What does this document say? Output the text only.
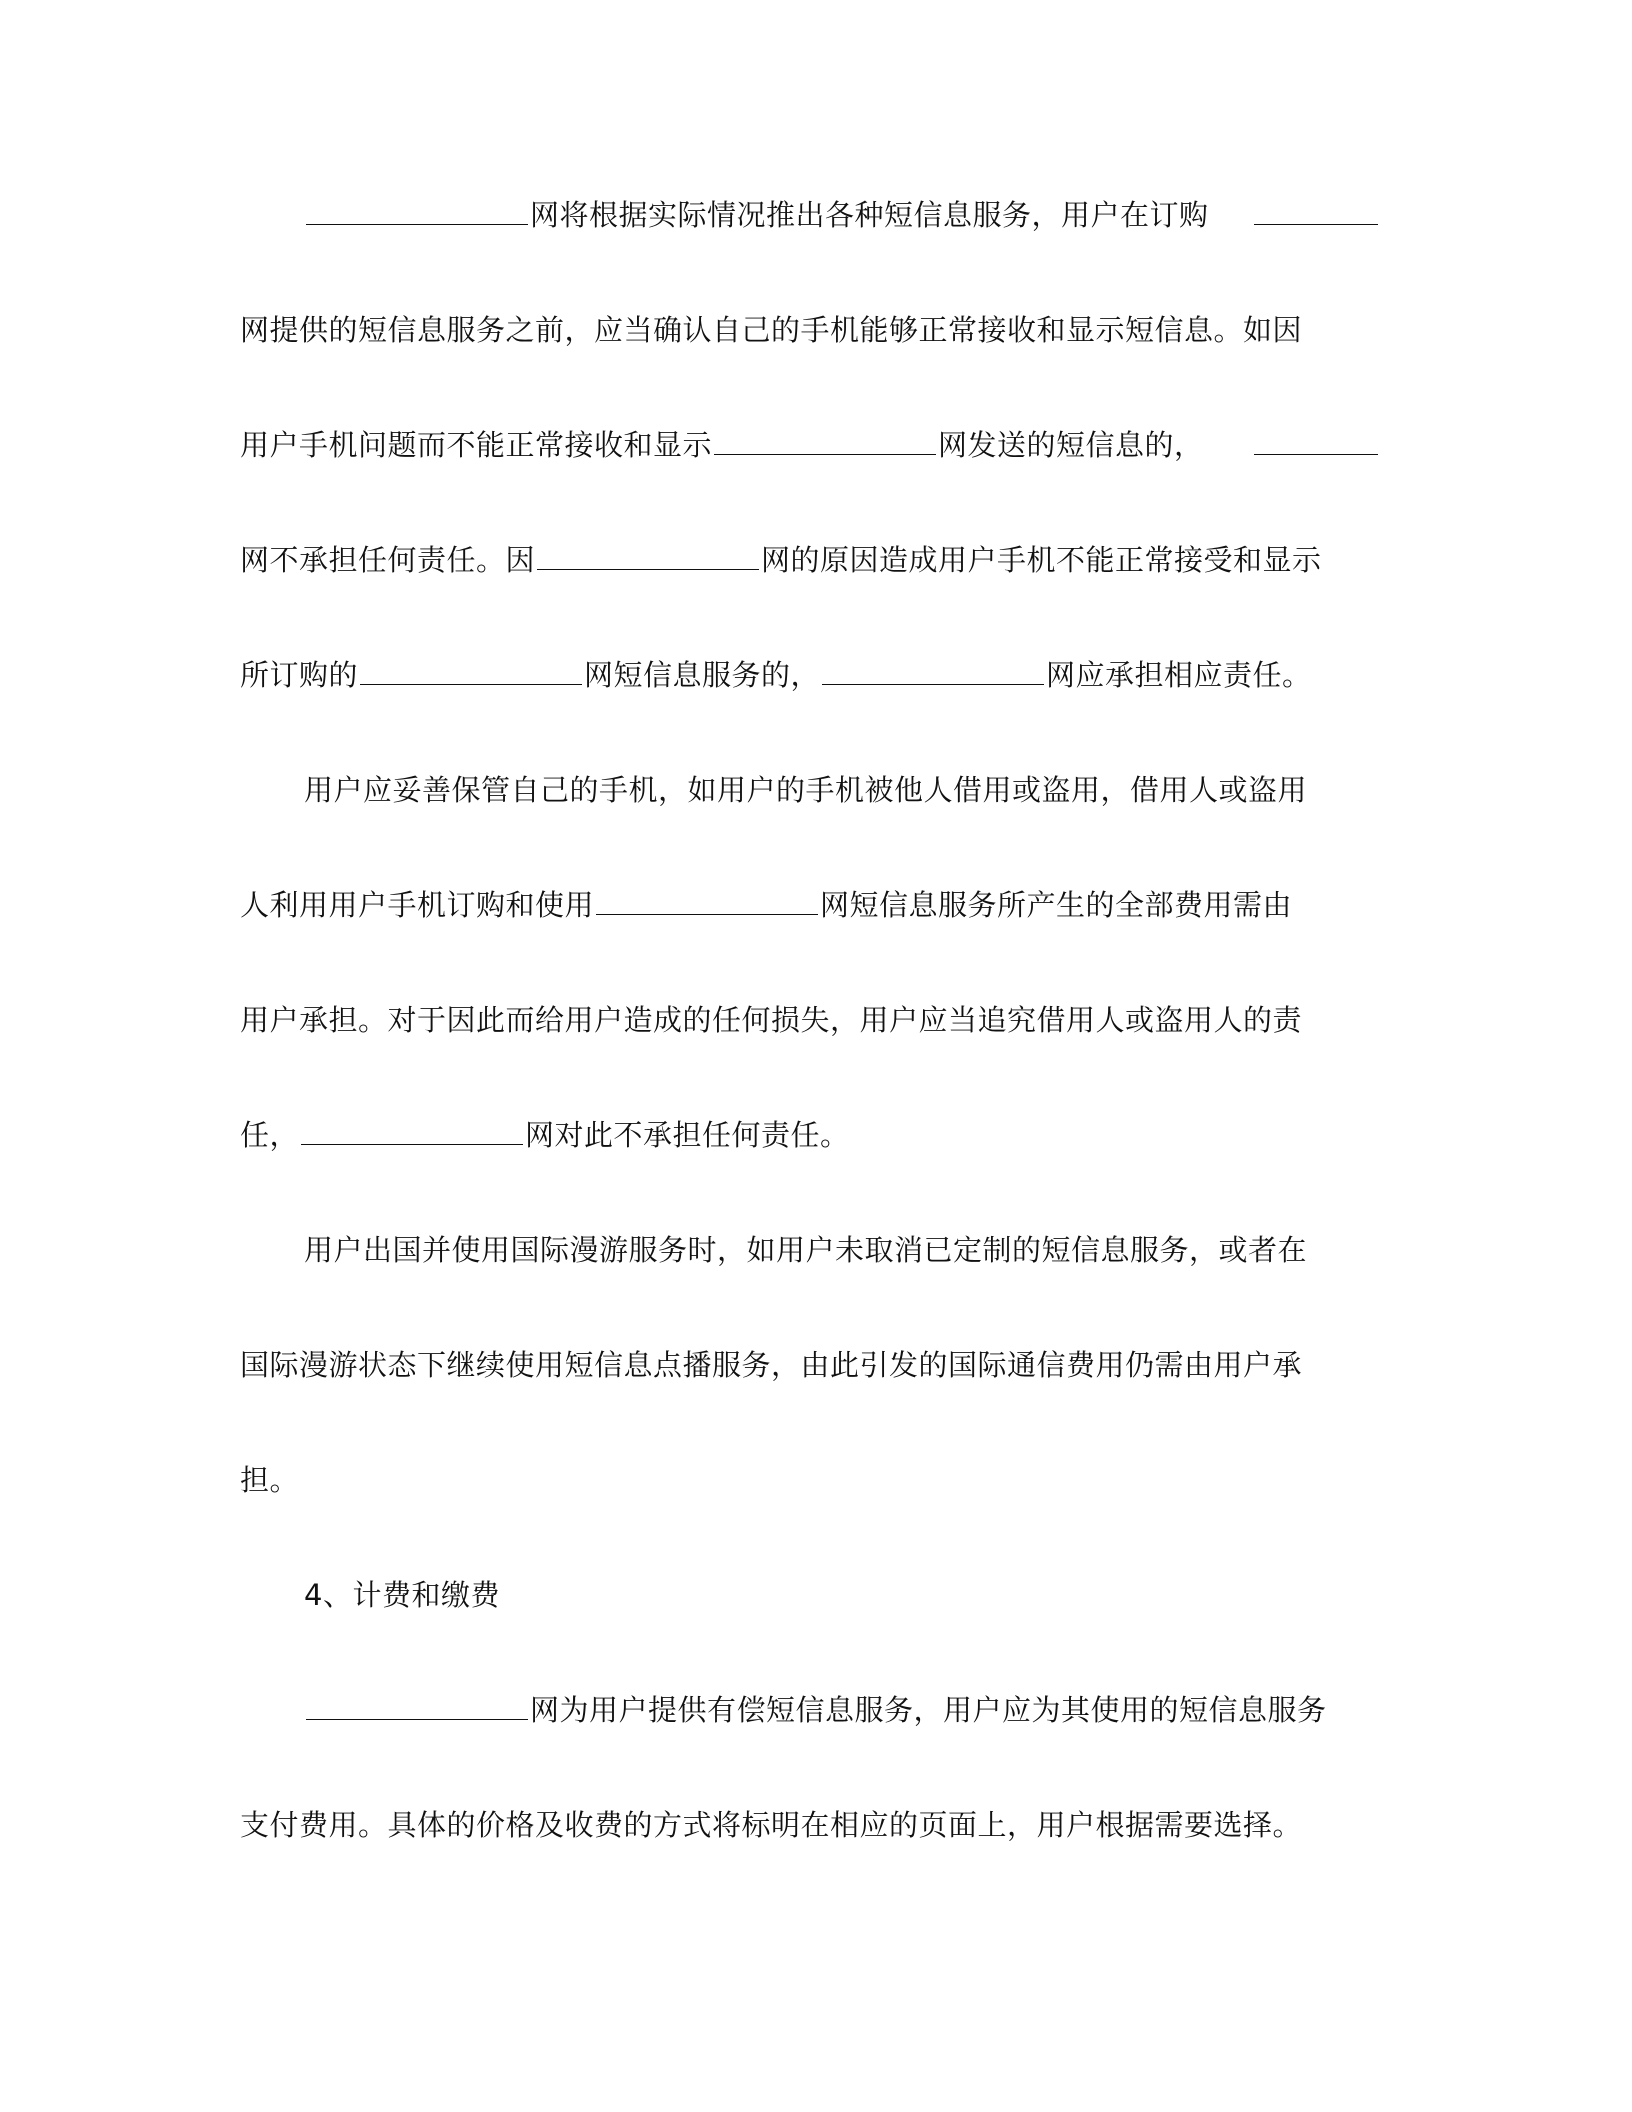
网将根据实际情况推出各种短信息服务，用户在订购
网提供的短信息服务之前，应当确认自己的手机能够正常接收和显示短信息。如因
用户手机问题而不能正常接收和显示	网发送的短信息的，
网不承担任何责任。因	网的原因造成用户手机不能正常接受和显示
所订购的	网短信息服务的，	网应承担相应责任。
用户应妥善保管自己的手机，如用户的手机被他人借用或盗用，借用人或盗用
人利用用户手机订购和使用	网短信息服务所产生的全部费用需由
用户承担。对于因此而给用户造成的任何损失，用户应当追究借用人或盗用人的责
任，	网对此不承担任何责任。
用户出国并使用国际漫游服务时，如用户未取消已定制的短信息服务，或者在
国际漫游状态下继续使用短信息点播服务，由此引发的国际通信费用仍需由用户承
担。
4、计费和缴费
网为用户提供有偿短信息服务，用户应为其使用的短信息服务
支付费用。具体的价格及收费的方式将标明在相应的页面上，用户根据需要选择。
